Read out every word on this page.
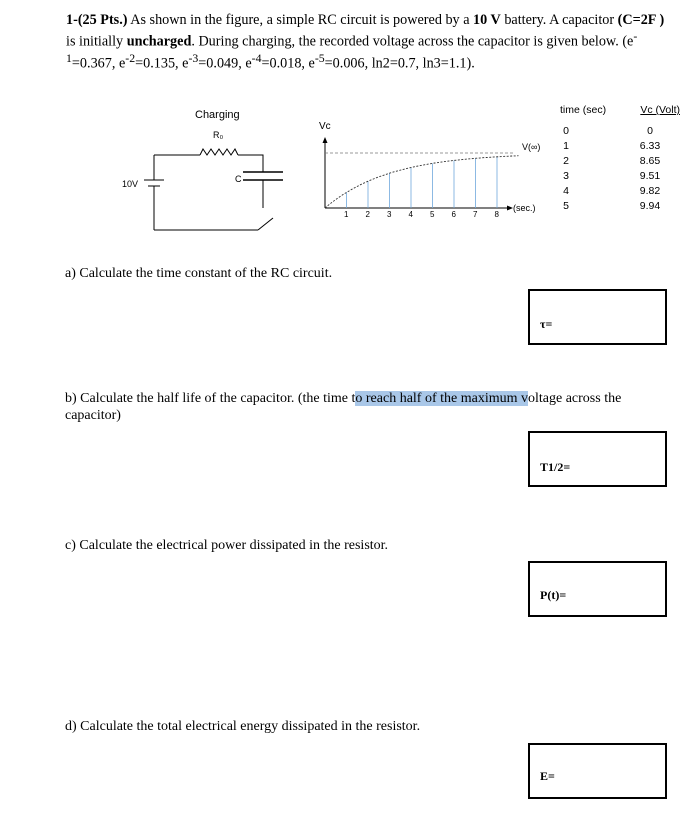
1-(25 Pts.) As shown in the figure, a simple RC circuit is powered by a 10 V battery. A capacitor (C=2F ) is initially uncharged. During charging, the recorded voltage across the capacitor is given below. ($e^{-1}=0.367$, $e^{-2}=0.135$, $e^{-3}=0.049$, $e^{-4}=0.018$, $e^{-5}=0.006$, ln2=0.7, ln3=1.1).
Charging
R₀
C
10V
Vc
1 2 3 4 5 6 7 8
V(∞)
(sec.)
time (sec)	Vc (Volt)
0	0
1	6.33
2	8.65
3	9.51
4	9.82
5	9.94
a) Calculate the time constant of the RC circuit.
τ=
b) Calculate the half life of the capacitor. (the time to reach half of the maximum voltage across the capacitor)
T1/2=
c) Calculate the electrical power dissipated in the resistor.
P(t)=
d) Calculate the total electrical energy dissipated in the resistor.
E=
